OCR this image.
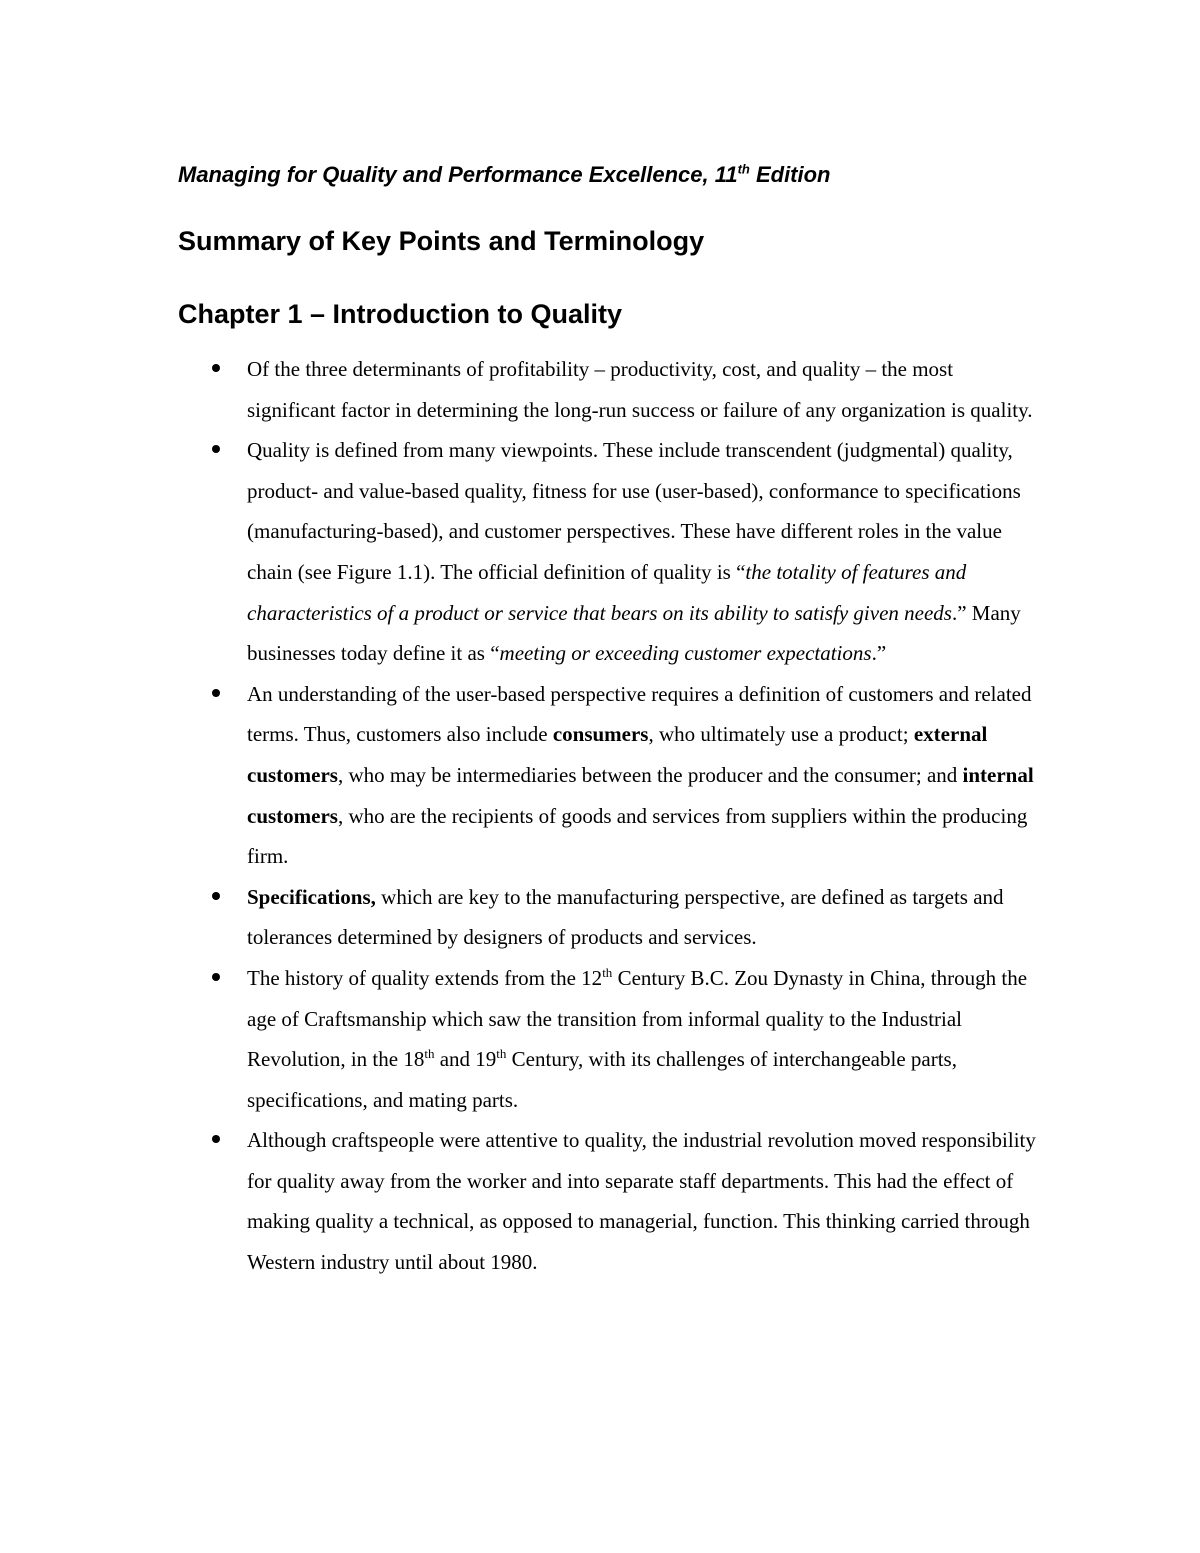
Managing for Quality and Performance Excellence, 11th Edition

Summary of Key Points and Terminology
Chapter 1 – Introduction to Quality
Of the three determinants of profitability – productivity, cost, and quality – the most significant factor in determining the long-run success or failure of any organization is quality.
Quality is defined from many viewpoints. These include transcendent (judgmental) quality, product- and value-based quality, fitness for use (user-based), conformance to specifications (manufacturing-based), and customer perspectives. These have different roles in the value chain (see Figure 1.1). The official definition of quality is “the totality of features and characteristics of a product or service that bears on its ability to satisfy given needs.” Many businesses today define it as “meeting or exceeding customer expectations.”
An understanding of the user-based perspective requires a definition of customers and related terms. Thus, customers also include consumers, who ultimately use a product; external customers, who may be intermediaries between the producer and the consumer; and internal customers, who are the recipients of goods and services from suppliers within the producing firm.
Specifications, which are key to the manufacturing perspective, are defined as targets and tolerances determined by designers of products and services.
The history of quality extends from the 12th Century B.C. Zou Dynasty in China, through the age of Craftsmanship which saw the transition from informal quality to the Industrial Revolution, in the 18th and 19th Century, with its challenges of interchangeable parts, specifications, and mating parts.
Although craftspeople were attentive to quality, the industrial revolution moved responsibility for quality away from the worker and into separate staff departments. This had the effect of making quality a technical, as opposed to managerial, function. This thinking carried through Western industry until about 1980.
